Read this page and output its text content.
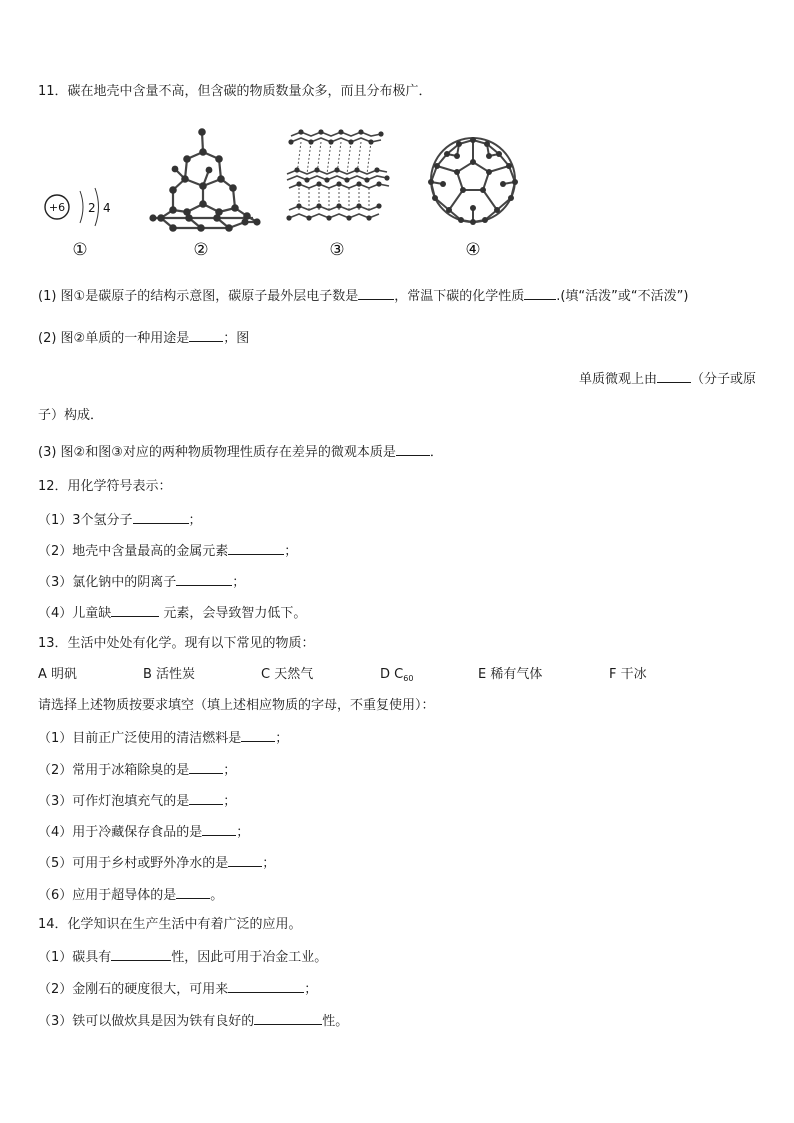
11．碳在地壳中含量不高，但含碳的物质数量众多，而且分布极广．
+6 2 4
①	②	③	④
(1) 图①是碳原子的结构示意图，碳原子最外层电子数是	，常温下碳的化学性质 .(填“活泼”或“不活泼”)
(2) 图②单质的一种用途是	；图
单质微观上由	（分子或原
子）构成．
(3) 图②和图③对应的两种物质物理性质存在差异的微观本质是	．
12．用化学符号表示：
（1）3个氢分子	；
（2）地壳中含量最高的金属元素	；
（3）氯化钠中的阴离子	；
（4）儿童缺	元素，会导致智力低下。
13．生活中处处有化学。现有以下常见的物质：
A 明矾	B 活性炭	C 天然气	D $C_{60}$	E 稀有气体	F 干冰
请选择上述物质按要求填空（填上述相应物质的字母，不重复使用）：
（1）目前正广泛使用的清洁燃料是	；
（2）常用于冰箱除臭的是	；
（3）可作灯泡填充气的是	；
（4）用于冷藏保存食品的是	；
（5）可用于乡村或野外净水的是	；
（6）应用于超导体的是	。
14．化学知识在生产生活中有着广泛的应用。
（1）碳具有	性，因此可用于冶金工业。
（2）金刚石的硬度很大，可用来	；
（3）铁可以做炊具是因为铁有良好的	性。
